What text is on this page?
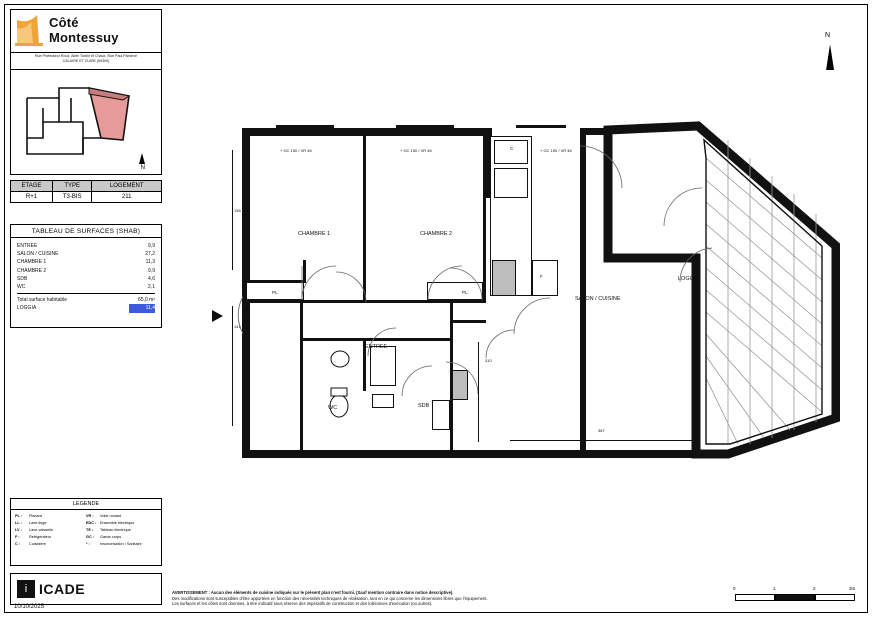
Côté
Montessuy
Rue Professeur Roux, Allée Turbin et Chaux, Rue Paul Painlevé
CALUIRE ET CUIRE (69300)
N
ETAGE	TYPE	LOGEMENT
R+1	T3-BIS	211
TABLEAU DE SURFACES (SHAB)
ENTREE	9,9
SALON / CUISINE	27,2
CHAMBRE 1	11,3
CHAMBRE 2	9,9
SDB	4,6
WC	2,1
Total surface habitable	65,0 m²
LOGGIA	11,4
LEGENDE
PL :	Placard
LL :	Lave-linge
LV :	Lave-vaisselle
F :	Réfrigérateur
C :	Cuisinière
VR :	Volet roulant
EDC : Ensemble électrique
TE :	Tableau électrique
GC :	Garde-corps
* :	Insonorisation / Sanitaire
i ICADE
10/10/2025
AVERTISSEMENT : Aucun des éléments de cuisine indiqués sur le présent plan n'est fourni. (Sauf mention contraire dans notice descriptive).
Des modifications sont susceptibles d'être apportées en fonction des nécessités techniques de réalisation, tant en ce qui concerne les dimensions libres que l'équipement.
Les surfaces et les côtes sont données, à titre indicatif sous réserve des impératifs de construction et des tolérances d'exécution (ou autres).
0	1	2	3m
N
CHAMBRE 1	CHAMBRE 2
SALON / CUISINE
ENTREE
SDB
WC
LOGGIA
PL.	PL.
F
C
+ GC 150 / VR 46	+ GC 150 / VR 46	+ GC 150 / VR 46
387
155
141
310
